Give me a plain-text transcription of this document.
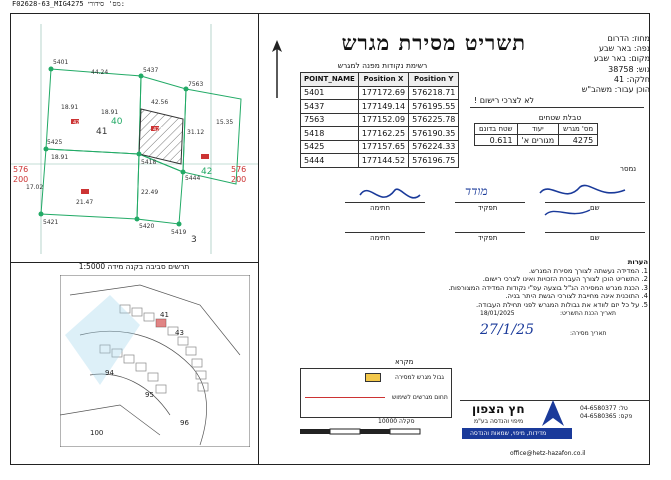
F02628-63_MIG4275 מס' סידורי:
576
200
576
200
44.24
18.91
42.56
18.91
31.12
15.35
17.02
21.47
18.91
22.49
5401
5437
7563
5418
5425
5444
5421
5420
5419
41
40
42
3
4276
4275
תרשים סביבה בקנה מידה 1:5000
41
43
94
95
96
100
תשריט מסירת מגרש	מחוז: הדרום
נפה: באר שבע
מקום: באר שבע
גוש: 38758
חלקה: 41
הוכן עבור: משהב"ש
רשימת נקודות מפנה למגרש
POINT_NAME	Position X	Position Y
5401	177172.69	576218.71
5437	177149.14	576195.55
7563	177152.09	576225.78
5418	177162.25	576190.35
5425	177157.65	576224.33
5444	177144.52	576196.75
לא לצרכי רישום !
טבלת שטחים
מס' מגרש	יעוד	שטח בדונם
4275	מגורים א'	0.611
נמסר
מודד
חתימה	תפקיד	שם
חתימה	תפקיד	שם
הערות
1. המדידה נעשתה לצורך מסירת המגרש.
2. התשריט הוכן לצורך העברת הזכויות ואינו לצרכי רישום.
3. הכנת מגרש המסירה הנ"ל בוצעה עפ"י נקודות המדידה המצורפות.
4. התוכנית אינה מחייבת לצורכי הגשת היתר בניה.
5. על כל יזם לוודא את גבולות המגרש לפני תחילת העבודה.
תאריך הכנת התשריט:
18/01/2025
תאריך מסירה:
27/1/25
מקרא
גבול מגרש למסירה
תחום מגרשים לשימוש
סקלה 10000
חץ הצפון
מיפוי והנדסה בע"מ
מדידות, מיפוי, שמאות והנדסה
טל: 04-6580377
פקס: 04-6580365
office@hetz-hazafon.co.il
